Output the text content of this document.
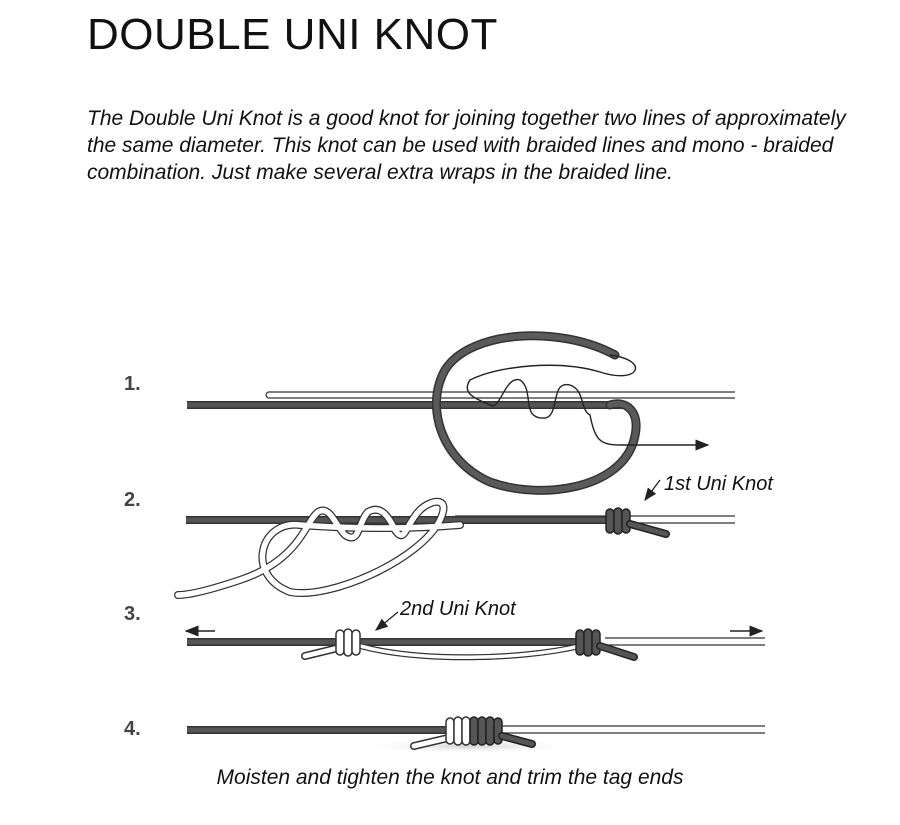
DOUBLE UNI KNOT

The Double Uni Knot is a good knot for joining together two lines of approximately the same diameter. This knot can be used with braided lines and mono - braided combination. Just make several extra wraps in the braided line.

1.
2.
3.
4.
1st Uni Knot
2nd Uni Knot

Moisten and tighten the knot and trim the tag ends
